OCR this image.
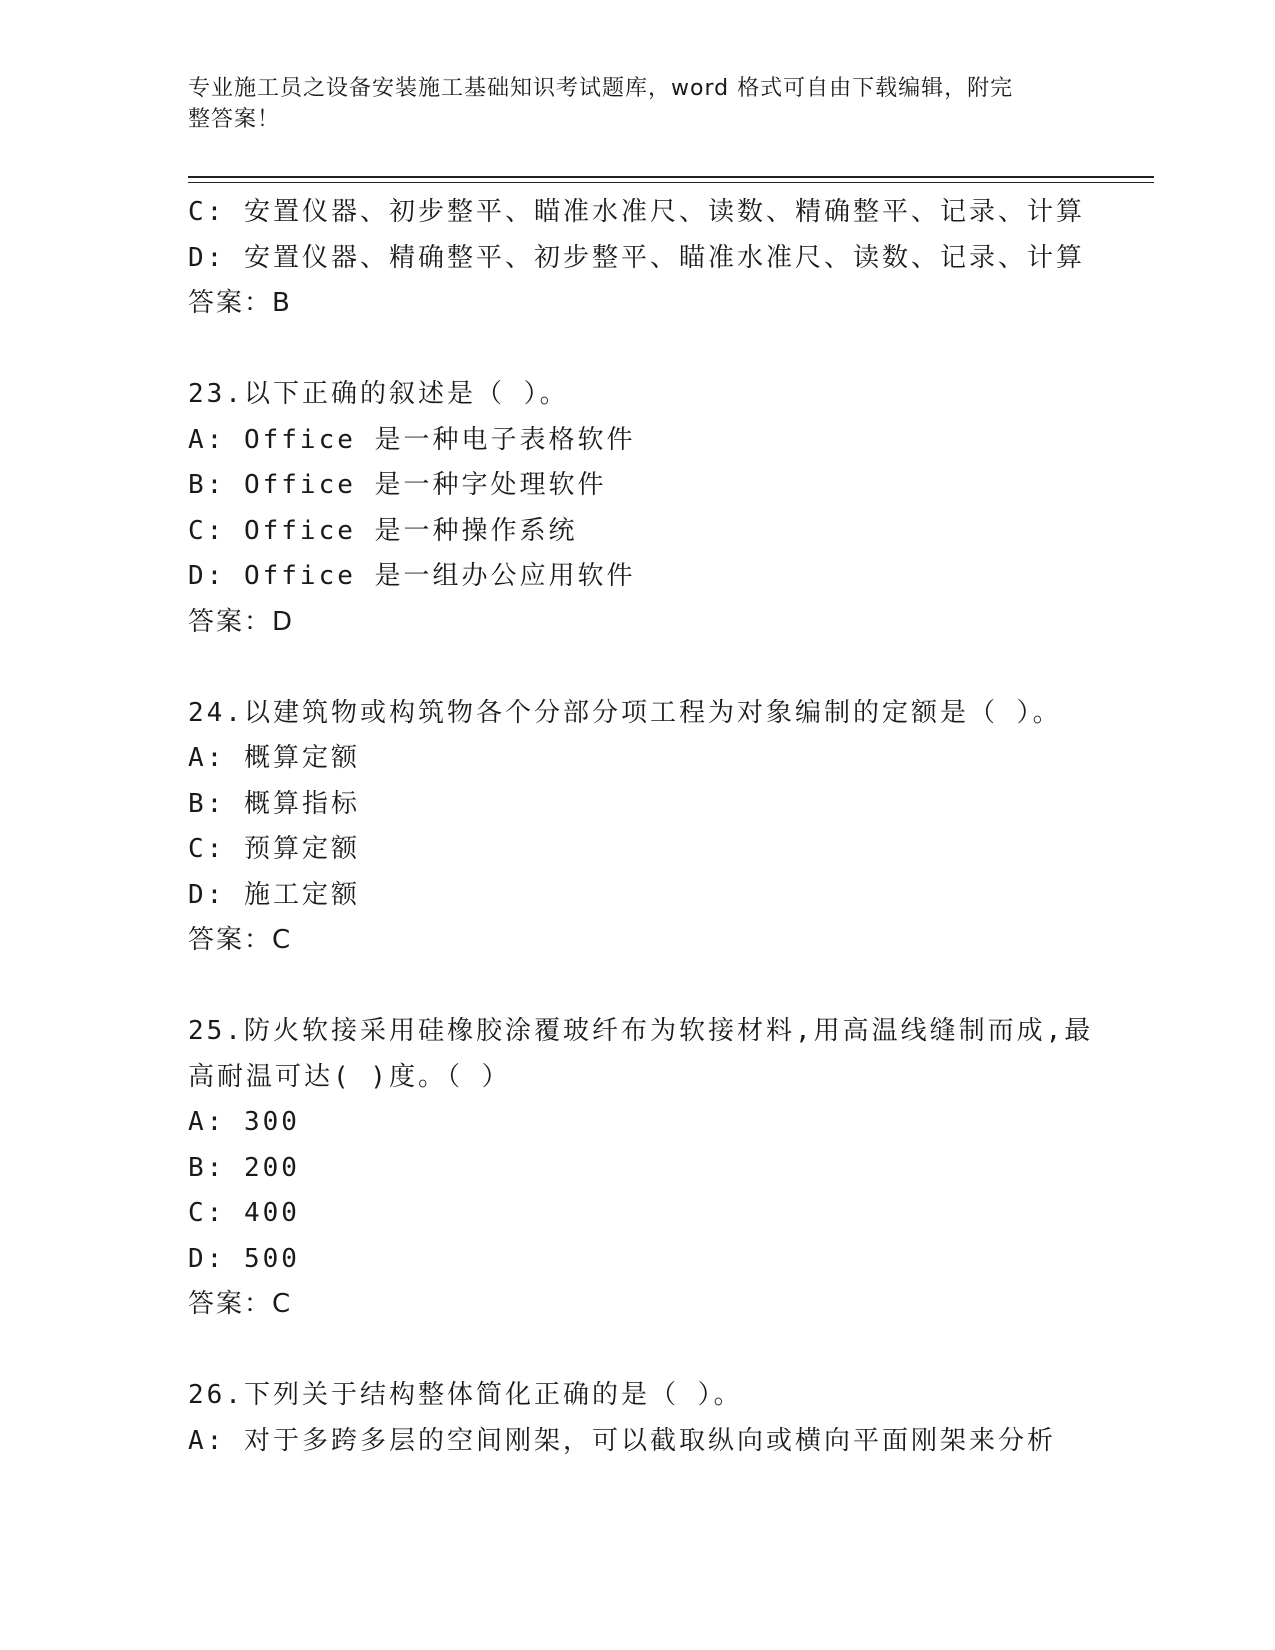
专业施工员之设备安装施工基础知识考试题库，word 格式可自由下载编辑，附完
整答案！
C: 安置仪器、初步整平、瞄准水准尺、读数、精确整平、记录、计算
D: 安置仪器、精确整平、初步整平、瞄准水准尺、读数、记录、计算
答案：B
23.以下正确的叙述是（ ）。
A: Office 是一种电子表格软件
B: Office 是一种字处理软件
C: Office 是一种操作系统
D: Office 是一组办公应用软件
答案：D
24.以建筑物或构筑物各个分部分项工程为对象编制的定额是（ ）。
A: 概算定额
B: 概算指标
C: 预算定额
D: 施工定额
答案：C
25.防火软接采用硅橡胶涂覆玻纤布为软接材料,用高温线缝制而成,最
高耐温可达( )度。（ ）
A: 300
B: 200
C: 400
D: 500
答案：C
26.下列关于结构整体简化正确的是（ ）。
A: 对于多跨多层的空间刚架，可以截取纵向或横向平面刚架来分析
